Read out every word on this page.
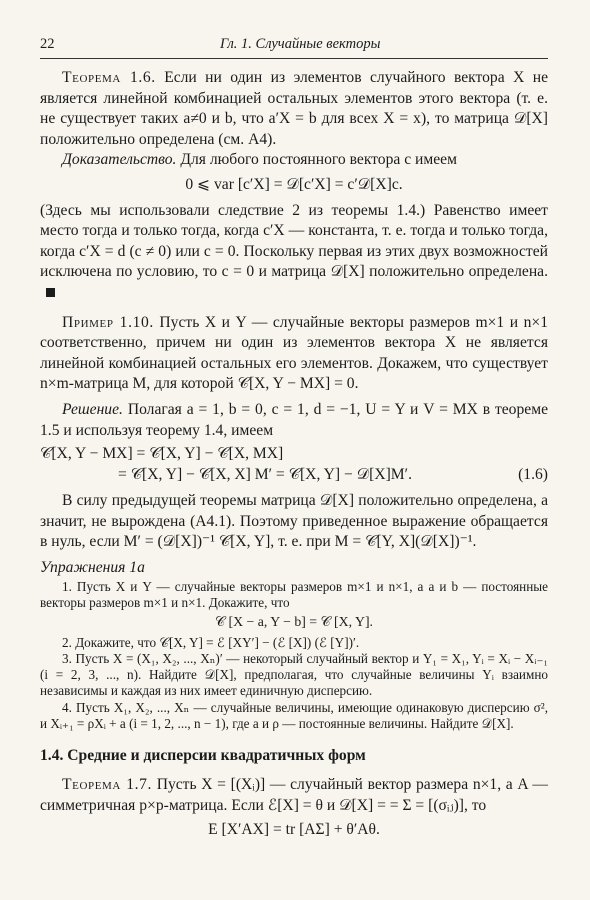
22	Гл. 1. Случайные векторы

Теорема 1.6. Если ни один из элементов случайного вектора X не является линейной комбинацией остальных элементов этого вектора (т. е. не существует таких a≠0 и b, что a′X = b для всех X = x), то матрица 𝒟[X] положительно определена (см. A4).

Доказательство. Для любого постоянного вектора c имеем

0 ⩽ var [c′X] = 𝒟[c′X] = c′𝒟[X]c.

(Здесь мы использовали следствие 2 из теоремы 1.4.) Равенство имеет место тогда и только тогда, когда c′X — константа, т. е. тогда и только тогда, когда c′X = d (c ≠ 0) или c = 0. Поскольку первая из этих двух возможностей исключена по условию, то c = 0 и матрица 𝒟[X] положительно определена.

Пример 1.10. Пусть X и Y — случайные векторы размеров m×1 и n×1 соответственно, причем ни один из элементов вектора X не является линейной комбинацией остальных его элементов. Докажем, что существует n×m-матрица M, для которой 𝒞[X, Y − MX] = 0.

Решение. Полагая a = 1, b = 0, c = 1, d = −1, U = Y и V = MX в теореме 1.5 и используя теорему 1.4, имеем

𝒞[X, Y − MX] = 𝒞[X, Y] − 𝒞[X, MX]
= 𝒞[X, Y] − 𝒞[X, X] M′ = 𝒞[X, Y] − 𝒟[X]M′.	(1.6)

В силу предыдущей теоремы матрица 𝒟[X] положительно определена, а значит, не вырождена (A4.1). Поэтому приведенное выражение обращается в нуль, если M′ = (𝒟[X])⁻¹ 𝒞[X, Y], т. е. при M = 𝒞[Y, X](𝒟[X])⁻¹.

Упражнения 1a

1. Пусть X и Y — случайные векторы размеров m×1 и n×1, а a и b — постоянные векторы размеров m×1 и n×1. Докажите, что

𝒞 [X − a, Y − b] = 𝒞 [X, Y].

2. Докажите, что 𝒞[X, Y] = ℰ [XY′] − (ℰ [X]) (ℰ [Y])′.

3. Пусть X = (X₁, X₂, ..., Xₙ)′ — некоторый случайный вектор и Y₁ = X₁, Yᵢ = Xᵢ − Xᵢ₋₁ (i = 2, 3, ..., n). Найдите 𝒟[X], предполагая, что случайные величины Yᵢ взаимно независимы и каждая из них имеет единичную дисперсию.

4. Пусть X₁, X₂, ..., Xₙ — случайные величины, имеющие одинаковую дисперсию σ², и Xᵢ₊₁ = ρXᵢ + a (i = 1, 2, ..., n − 1), где a и ρ — постоянные величины. Найдите 𝒟[X].

1.4. Средние и дисперсии квадратичных форм

Теорема 1.7. Пусть X = [(Xᵢ)] — случайный вектор размера n×1, а A — симметричная p×p-матрица. Если ℰ[X] = θ и 𝒟[X] = = Σ = [(σᵢⱼ)], то

E [X′AX] = tr [AΣ] + θ′Aθ.
